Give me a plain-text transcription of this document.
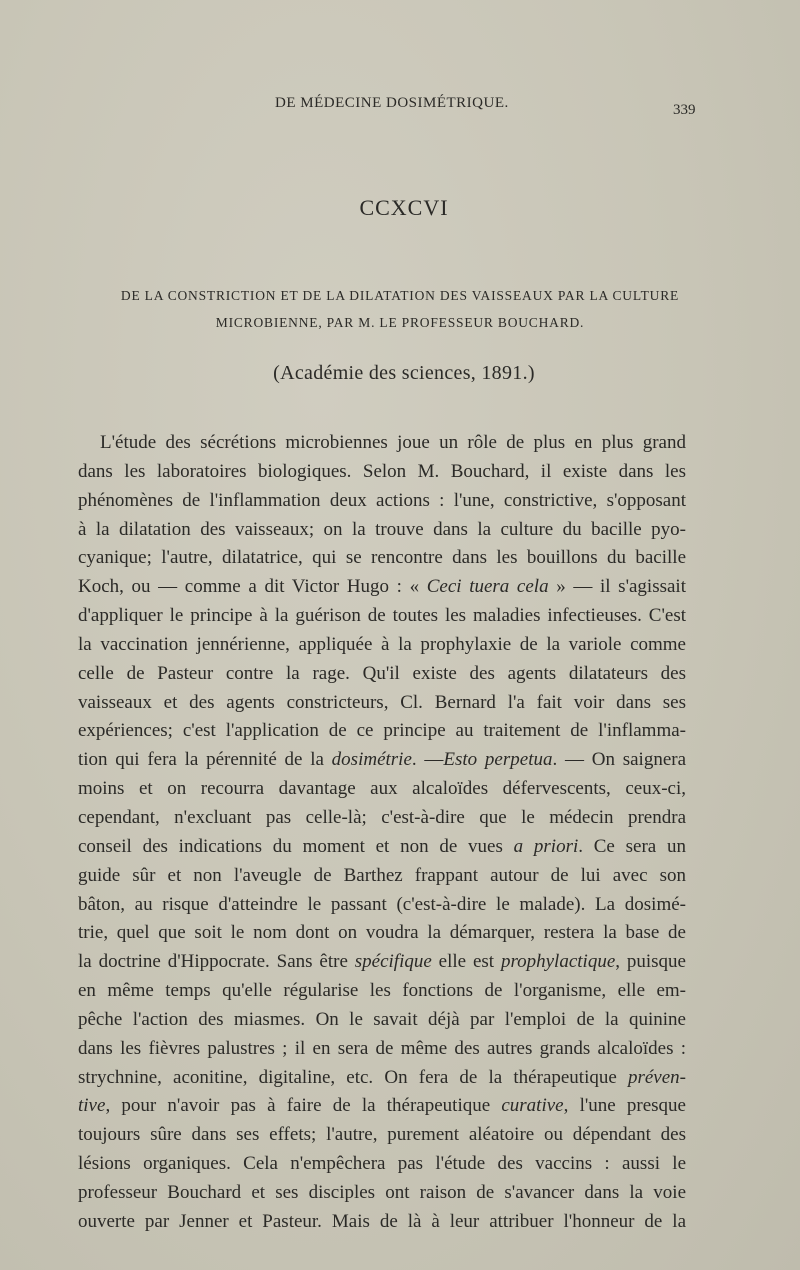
DE MÉDECINE DOSIMÉTRIQUE.	339
CCXCVI
DE LA CONSTRICTION ET DE LA DILATATION DES VAISSEAUX PAR LA CULTURE
MICROBIENNE, PAR M. LE PROFESSEUR BOUCHARD.
(Académie des sciences, 1891.)
L'étude des sécrétions microbiennes joue un rôle de plus en plus grand
dans les laboratoires biologiques. Selon M. Bouchard, il existe dans les
phénomènes de l'inflammation deux actions : l'une, constrictive, s'opposant
à la dilatation des vaisseaux; on la trouve dans la culture du bacille pyo-
cyanique; l'autre, dilatatrice, qui se rencontre dans les bouillons du bacille
Koch, ou — comme a dit Victor Hugo : « Ceci tuera cela » — il s'agissait
d'appliquer le principe à la guérison de toutes les maladies infectieuses. C'est
la vaccination jennérienne, appliquée à la prophylaxie de la variole comme
celle de Pasteur contre la rage. Qu'il existe des agents dilatateurs des
vaisseaux et des agents constricteurs, Cl. Bernard l'a fait voir dans ses
expériences; c'est l'application de ce principe au traitement de l'inflamma-
tion qui fera la pérennité de la dosimétrie. —Esto perpetua. — On saignera
moins et on recourra davantage aux alcaloïdes défervescents, ceux-ci,
cependant, n'excluant pas celle-là; c'est-à-dire que le médecin prendra
conseil des indications du moment et non de vues a priori. Ce sera un
guide sûr et non l'aveugle de Barthez frappant autour de lui avec son
bâton, au risque d'atteindre le passant (c'est-à-dire le malade). La dosimé-
trie, quel que soit le nom dont on voudra la démarquer, restera la base de
la doctrine d'Hippocrate. Sans être spécifique elle est prophylactique, puisque
en même temps qu'elle régularise les fonctions de l'organisme, elle em-
pêche l'action des miasmes. On le savait déjà par l'emploi de la quinine
dans les fièvres palustres ; il en sera de même des autres grands alcaloïdes :
strychnine, aconitine, digitaline, etc. On fera de la thérapeutique préven-
tive, pour n'avoir pas à faire de la thérapeutique curative, l'une presque
toujours sûre dans ses effets; l'autre, purement aléatoire ou dépendant des
lésions organiques. Cela n'empêchera pas l'étude des vaccins : aussi le
professeur Bouchard et ses disciples ont raison de s'avancer dans la voie
ouverte par Jenner et Pasteur. Mais de là à leur attribuer l'honneur de la
